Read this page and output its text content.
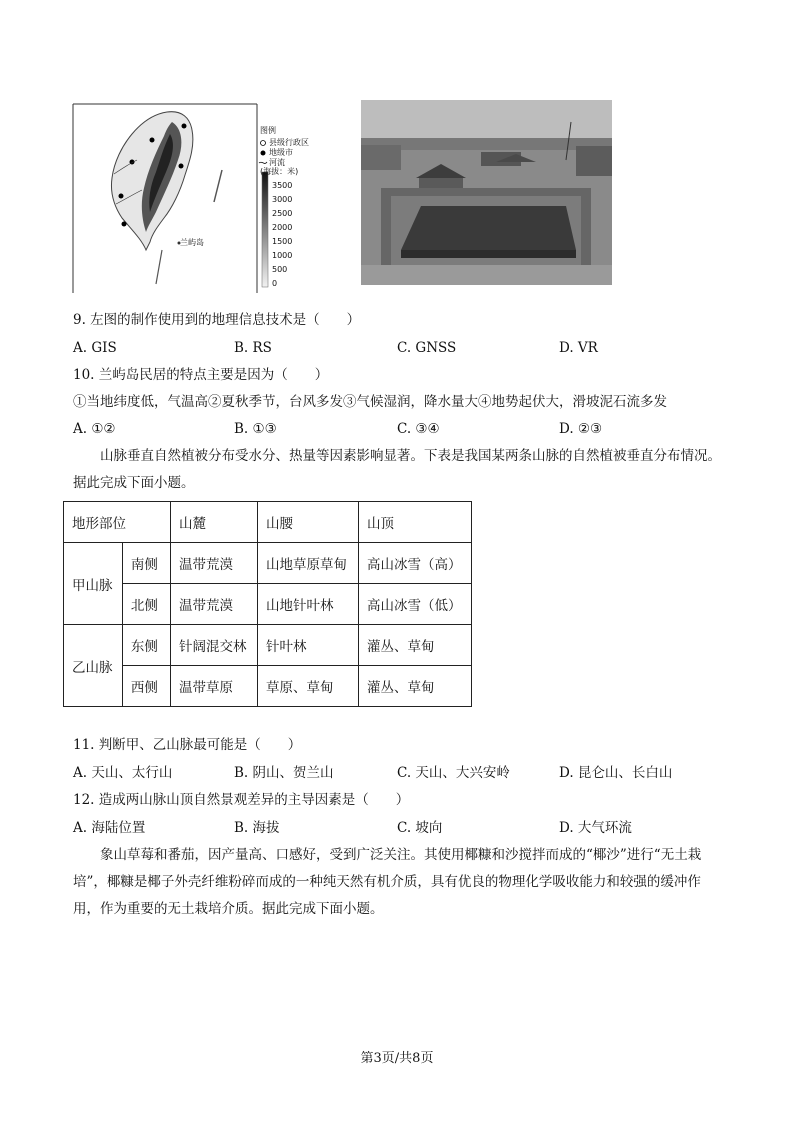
图例
县级行政区
地级市
河流
(海拔：米)
3500
3000
2500
2000
1500
1000
500
0
兰屿岛
9. 左图的制作使用到的地理信息技术是（　　）
A. GIS	B. RS	C. GNSS	D. VR
10. 兰屿岛民居的特点主要是因为（　　）
①当地纬度低，气温高②夏秋季节，台风多发③气候湿润，降水量大④地势起伏大，滑坡泥石流多发
A. ①②	B. ①③	C. ③④	D. ②③
山脉垂直自然植被分布受水分、热量等因素影响显著。下表是我国某两条山脉的自然植被垂直分布情况。据此完成下面小题。
地形部位		山麓	山腰	山顶
甲山脉	南侧	温带荒漠	山地草原草甸	高山冰雪（高）
	北侧	温带荒漠	山地针叶林	高山冰雪（低）
乙山脉	东侧	针阔混交林	针叶林	灌丛、草甸
	西侧	温带草原	草原、草甸	灌丛、草甸
11. 判断甲、乙山脉最可能是（　　）
A. 天山、太行山	B. 阴山、贺兰山	C. 天山、大兴安岭	D. 昆仑山、长白山
12. 造成两山脉山顶自然景观差异的主导因素是（　　）
A. 海陆位置	B. 海拔	C. 坡向	D. 大气环流
象山草莓和番茄，因产量高、口感好，受到广泛关注。其使用椰糠和沙搅拌而成的“椰沙”进行“无土栽培”，椰糠是椰子外壳纤维粉碎而成的一种纯天然有机介质，具有优良的物理化学吸收能力和较强的缓冲作用，作为重要的无土栽培介质。据此完成下面小题。
第3页/共8页
